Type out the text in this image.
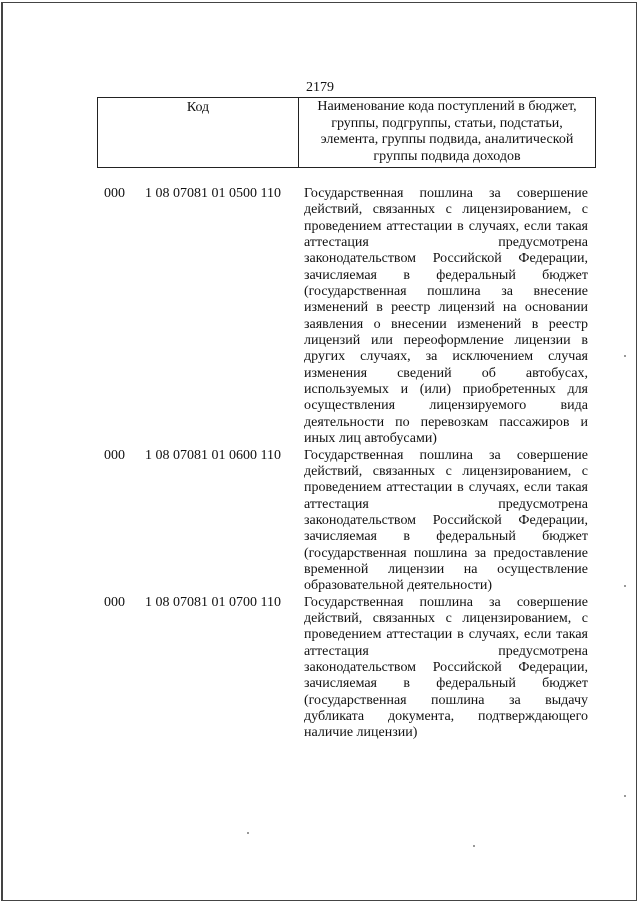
2179
Код	Наименование кода поступлений в бюджет, группы, подгруппы, статьи, подстатьи, элемента, группы подвида, аналитической группы подвида доходов
000 1 08 07081 01 0500 110 Государственная пошлина за совершение
действий, связанных с лицензированием, с
проведением аттестации в случаях, если такая
аттестация предусмотрена
законодательством Российской Федерации,
зачисляемая в федеральный бюджет
(государственная пошлина за внесение
изменений в реестр лицензий на основании
заявления о внесении изменений в реестр
лицензий или переоформление лицензии в
других случаях, за исключением случая
изменения сведений об автобусах,
используемых и (или) приобретенных для
осуществления лицензируемого вида
деятельности по перевозкам пассажиров и
иных лиц автобусами)
000 1 08 07081 01 0600 110 Государственная пошлина за совершение
действий, связанных с лицензированием, с
проведением аттестации в случаях, если такая
аттестация предусмотрена
законодательством Российской Федерации,
зачисляемая в федеральный бюджет
(государственная пошлина за предоставление
временной лицензии на осуществление
образовательной деятельности)
000 1 08 07081 01 0700 110 Государственная пошлина за совершение
действий, связанных с лицензированием, с
проведением аттестации в случаях, если такая
аттестация предусмотрена
законодательством Российской Федерации,
зачисляемая в федеральный бюджет
(государственная пошлина за выдачу
дубликата документа, подтверждающего
наличие лицензии)
